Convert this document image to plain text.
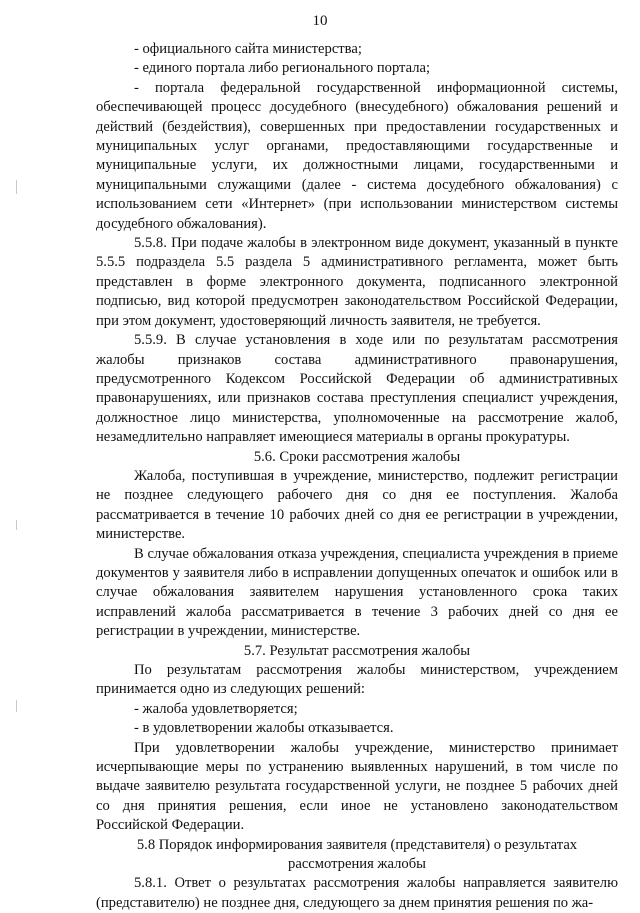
10

- официального сайта министерства;

- единого портала либо регионального портала;

- портала федеральной государственной информационной системы, обеспечивающей процесс досудебного (внесудебного) обжалования решений и действий (бездействия), совершенных при предоставлении государственных и муниципальных услуг органами, предоставляющими государственные и муниципальные услуги, их должностными лицами, государственными и муниципальными служащими (далее - система досудебного обжалования) с использованием сети «Интернет» (при использовании министерством системы досудебного обжалования).

5.5.8. При подаче жалобы в электронном виде документ, указанный в пункте 5.5.5 подраздела 5.5 раздела 5 административного регламента, может быть представлен в форме электронного документа, подписанного электронной подписью, вид которой предусмотрен законодательством Российской Федерации, при этом документ, удостоверяющий личность заявителя, не требуется.

5.5.9. В случае установления в ходе или по результатам рассмотрения жалобы признаков состава административного правонарушения, предусмотренного Кодексом Российской Федерации об административных правонарушениях, или признаков состава преступления специалист учреждения, должностное лицо министерства, уполномоченные на рассмотрение жалоб, незамедлительно направляет имеющиеся материалы в органы прокуратуры.

5.6. Сроки рассмотрения жалобы

Жалоба, поступившая в учреждение, министерство, подлежит регистрации не позднее следующего рабочего дня со дня ее поступления. Жалоба рассматривается в течение 10 рабочих дней со дня ее регистрации в учреждении, министерстве.

В случае обжалования отказа учреждения, специалиста учреждения в приеме документов у заявителя либо в исправлении допущенных опечаток и ошибок или в случае обжалования заявителем нарушения установленного срока таких исправлений жалоба рассматривается в течение 3 рабочих дней со дня ее регистрации в учреждении, министерстве.

5.7. Результат рассмотрения жалобы

По результатам рассмотрения жалобы министерством, учреждением принимается одно из следующих решений:

- жалоба удовлетворяется;

- в удовлетворении жалобы отказывается.

При удовлетворении жалобы учреждение, министерство принимает исчерпывающие меры по устранению выявленных нарушений, в том числе по выдаче заявителю результата государственной услуги, не позднее 5 рабочих дней со дня принятия решения, если иное не установлено законодательством Российской Федерации.

5.8 Порядок информирования заявителя (представителя) о результатах рассмотрения жалобы

5.8.1. Ответ о результатах рассмотрения жалобы направляется заявителю (представителю) не позднее дня, следующего за днем принятия решения по жа-
